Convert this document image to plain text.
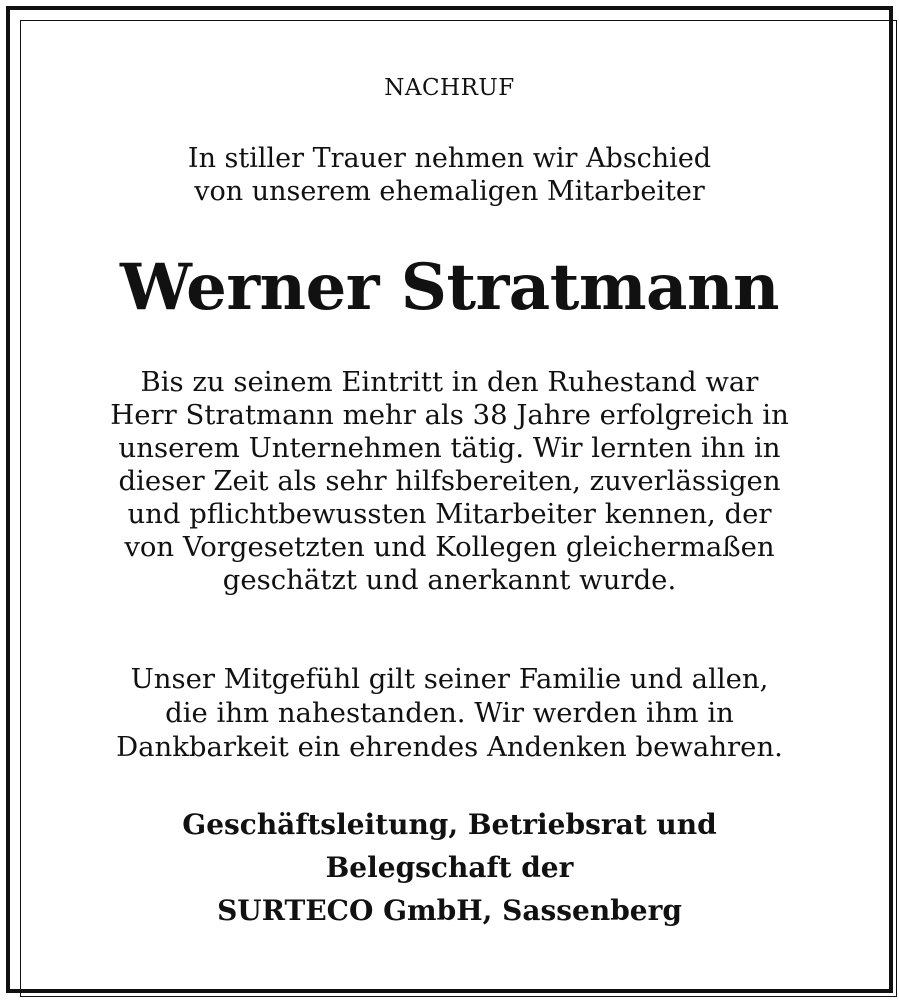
NACHRUF
In stiller Trauer nehmen wir Abschied
von unserem ehemaligen Mitarbeiter
Werner Stratmann
Bis zu seinem Eintritt in den Ruhestand war
Herr Stratmann mehr als 38 Jahre erfolgreich in
unserem Unternehmen tätig. Wir lernten ihn in
dieser Zeit als sehr hilfsbereiten, zuverlässigen
und pflichtbewussten Mitarbeiter kennen, der
von Vorgesetzten und Kollegen gleichermaßen
geschätzt und anerkannt wurde.
Unser Mitgefühl gilt seiner Familie und allen,
die ihm nahestanden. Wir werden ihm in
Dankbarkeit ein ehrendes Andenken bewahren.
Geschäftsleitung, Betriebsrat und
Belegschaft der
SURTECO GmbH, Sassenberg
